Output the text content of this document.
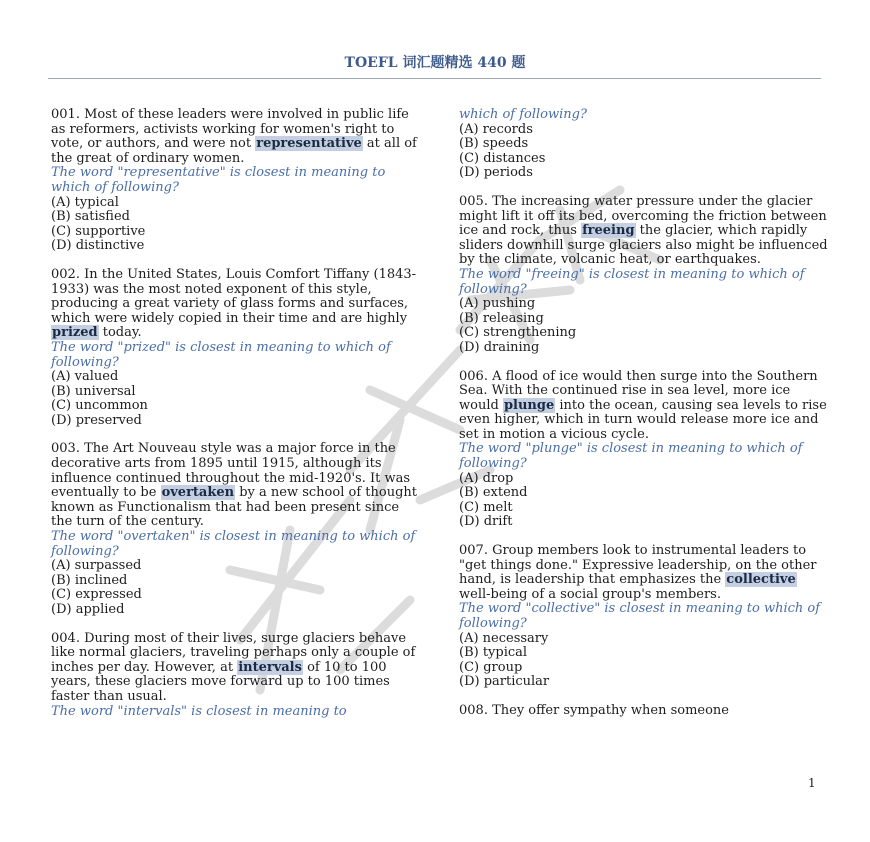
TOEFL 词汇题精选 440 题

001. Most of these leaders were involved in public life as reformers, activists working for women's right to vote, or authors, and were not representative at all of the great of ordinary women.

The word "representative" is closest in meaning to which of following?

(A) typical

(B) satisfied

(C) supportive

(D) distinctive

002. In the United States, Louis Comfort Tiffany (1843-1933) was the most noted exponent of this style, producing a great variety of glass forms and surfaces, which were widely copied in their time and are highly prized today.

The word "prized" is closest in meaning to which of following?

(A) valued

(B) universal

(C) uncommon

(D) preserved

003. The Art Nouveau style was a major force in the decorative arts from 1895 until 1915, although its influence continued throughout the mid-1920's. It was eventually to be overtaken by a new school of thought known as Functionalism that had been present since the turn of the century.

The word "overtaken" is closest in meaning to which of following?

(A) surpassed

(B) inclined

(C) expressed

(D) applied

004. During most of their lives, surge glaciers behave like normal glaciers, traveling perhaps only a couple of inches per day. However, at intervals of 10 to 100 years, these glaciers move forward up to 100 times faster than usual.

The word "intervals" is closest in meaning to

which of following?

(A) records

(B) speeds

(C) distances

(D) periods

005. The increasing water pressure under the glacier might lift it off its bed, overcoming the friction between ice and rock, thus freeing the glacier, which rapidly sliders downhill surge glaciers also might be influenced by the climate, volcanic heat, or earthquakes.

The word "freeing" is closest in meaning to which of following?

(A) pushing

(B) releasing

(C) strengthening

(D) draining

006. A flood of ice would then surge into the Southern Sea. With the continued rise in sea level, more ice would plunge into the ocean, causing sea levels to rise even higher, which in turn would release more ice and set in motion a vicious cycle.

The word "plunge" is closest in meaning to which of following?

(A) drop

(B) extend

(C) melt

(D) drift

007. Group members look to instrumental leaders to "get things done." Expressive leadership, on the other hand, is leadership that emphasizes the collective well-being of a social group's members.

The word "collective" is closest in meaning to which of following?

(A) necessary

(B) typical

(C) group

(D) particular

008. They offer sympathy when someone

1
